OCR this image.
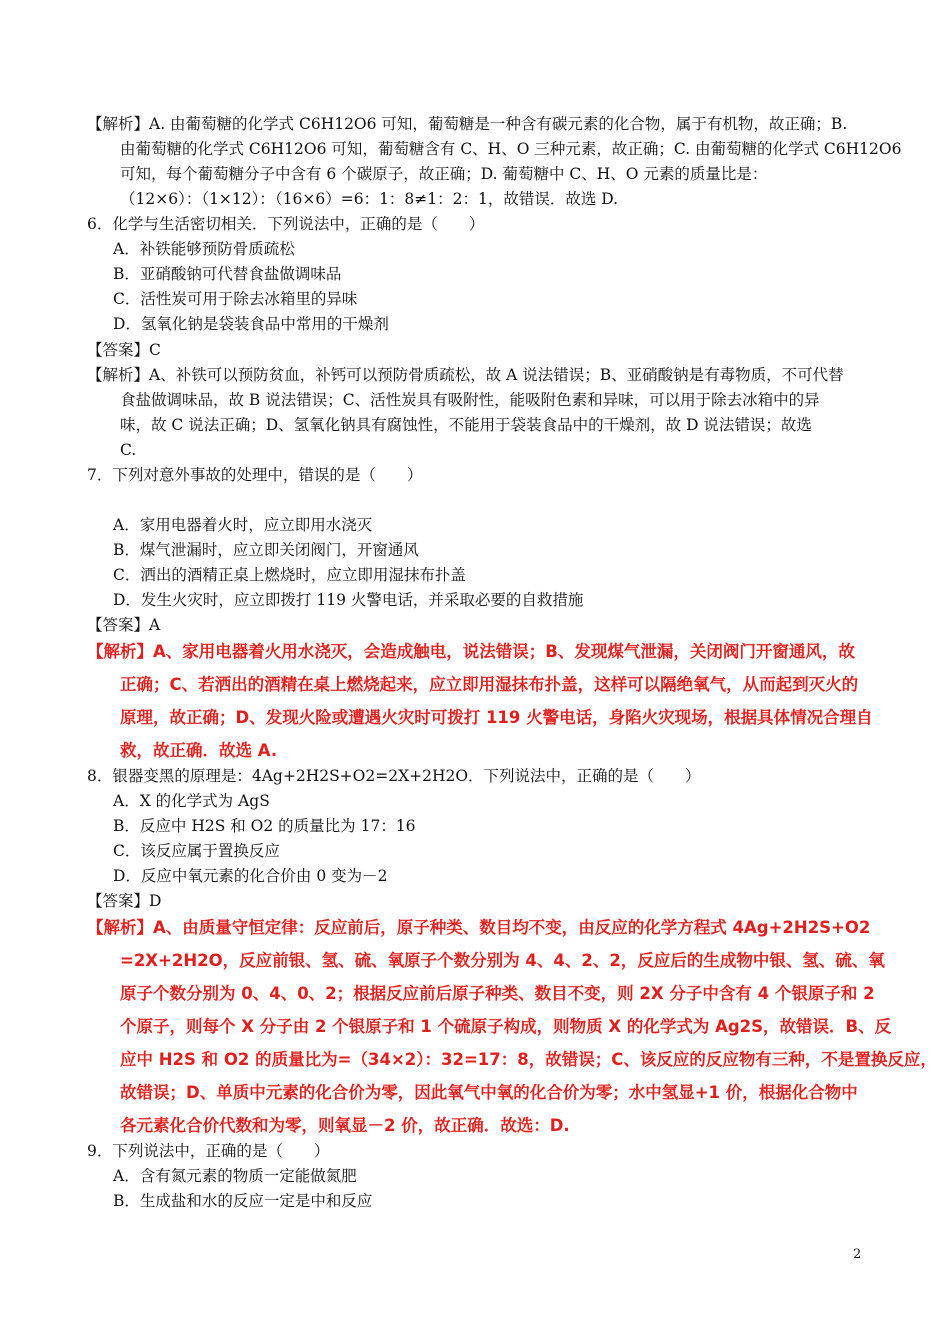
【解析】A. 由葡萄糖的化学式 C6H12O6 可知，葡萄糖是一种含有碳元素的化合物，属于有机物，故正确；B.
由葡萄糖的化学式 C6H12O6 可知，葡萄糖含有 C、H、O 三种元素，故正确；C. 由葡萄糖的化学式 C6H12O6
可知，每个葡萄糖分子中含有 6 个碳原子，故正确；D. 葡萄糖中 C、H、O 元素的质量比是：
（12×6）：（1×12）：（16×6）=6：1：8≠1：2：1，故错误．故选 D.
6．化学与生活密切相关．下列说法中，正确的是（　　）
A．补铁能够预防骨质疏松
B．亚硝酸钠可代替食盐做调味品
C．活性炭可用于除去冰箱里的异味
D．氢氧化钠是袋装食品中常用的干燥剂
【答案】C
【解析】A、补铁可以预防贫血，补钙可以预防骨质疏松，故 A 说法错误；B、亚硝酸钠是有毒物质，不可代替
食盐做调味品，故 B 说法错误；C、活性炭具有吸附性，能吸附色素和异味，可以用于除去冰箱中的异
味，故 C 说法正确；D、氢氧化钠具有腐蚀性，不能用于袋装食品中的干燥剂，故 D 说法错误；故选
C.
7．下列对意外事故的处理中，错误的是（　　）
A．家用电器着火时，应立即用水浇灭
B．煤气泄漏时，应立即关闭阀门，开窗通风
C．洒出的酒精正桌上燃烧时，应立即用湿抹布扑盖
D．发生火灾时，应立即拨打 119 火警电话，并采取必要的自救措施
【答案】A
【解析】A、家用电器着火用水浇灭，会造成触电，说法错误；B、发现煤气泄漏，关闭阀门开窗通风，故
正确；C、若洒出的酒精在桌上燃烧起来，应立即用湿抹布扑盖，这样可以隔绝氧气，从而起到灭火的
原理，故正确；D、发现火险或遭遇火灾时可拨打 119 火警电话，身陷火灾现场，根据具体情况合理自
救，故正确．故选 A.
8．银器变黑的原理是：4Ag+2H2S+O2=2X+2H2O．下列说法中，正确的是（　　）
A．X 的化学式为 AgS
B．反应中 H2S 和 O2 的质量比为 17：16
C．该反应属于置换反应
D．反应中氧元素的化合价由 0 变为－2
【答案】D
【解析】A、由质量守恒定律：反应前后，原子种类、数目均不变，由反应的化学方程式 4Ag+2H2S+O2
=2X+2H2O，反应前银、氢、硫、氧原子个数分别为 4、4、2、2，反应后的生成物中银、氢、硫、氧
原子个数分别为 0、4、0、2；根据反应前后原子种类、数目不变，则 2X 分子中含有 4 个银原子和 2
个原子，则每个 X 分子由 2 个银原子和 1 个硫原子构成，则物质 X 的化学式为 Ag2S，故错误．B、反
应中 H2S 和 O2 的质量比为=（34×2）：32=17：8，故错误；C、该反应的反应物有三种，不是置换反应，
故错误；D、单质中元素的化合价为零，因此氧气中氧的化合价为零；水中氢显+1 价，根据化合物中
各元素化合价代数和为零，则氧显－2 价，故正确．故选：D.
9．下列说法中，正确的是（　　）
A．含有氮元素的物质一定能做氮肥
B．生成盐和水的反应一定是中和反应
2
